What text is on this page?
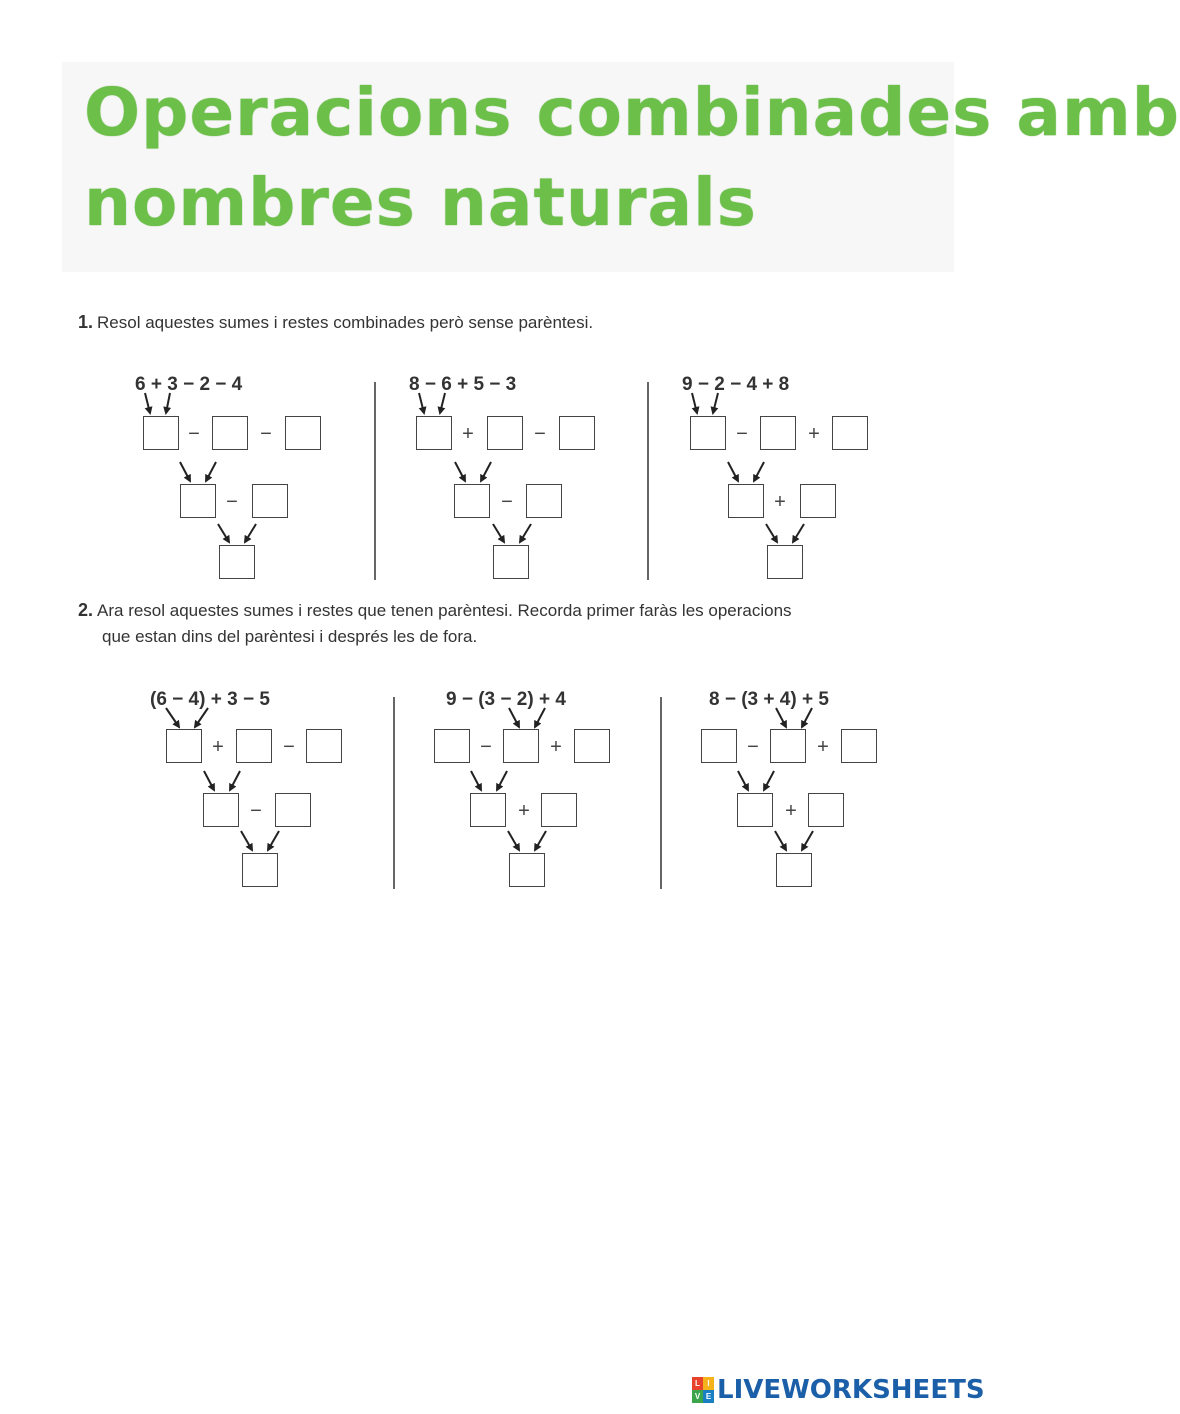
Operacions combinades amb
nombres naturals
1. Resol aquestes sumes i restes combinades però sense parèntesi.
6 + 3 − 2 − 4	8 − 6 + 5 − 3	9 − 2 − 4 + 8
−	−
−
+	−
−
−	+
+
2. Ara resol aquestes sumes i restes que tenen parèntesi. Recorda primer faràs les operacions
que estan dins del parèntesi i després les de fora.
(6 − 4) + 3 − 5	9 − (3 − 2) + 4	8 − (3 + 4) + 5
+	−
−
−	+
+
−	+
+
L I
V E LIVEWORKSHEETS
